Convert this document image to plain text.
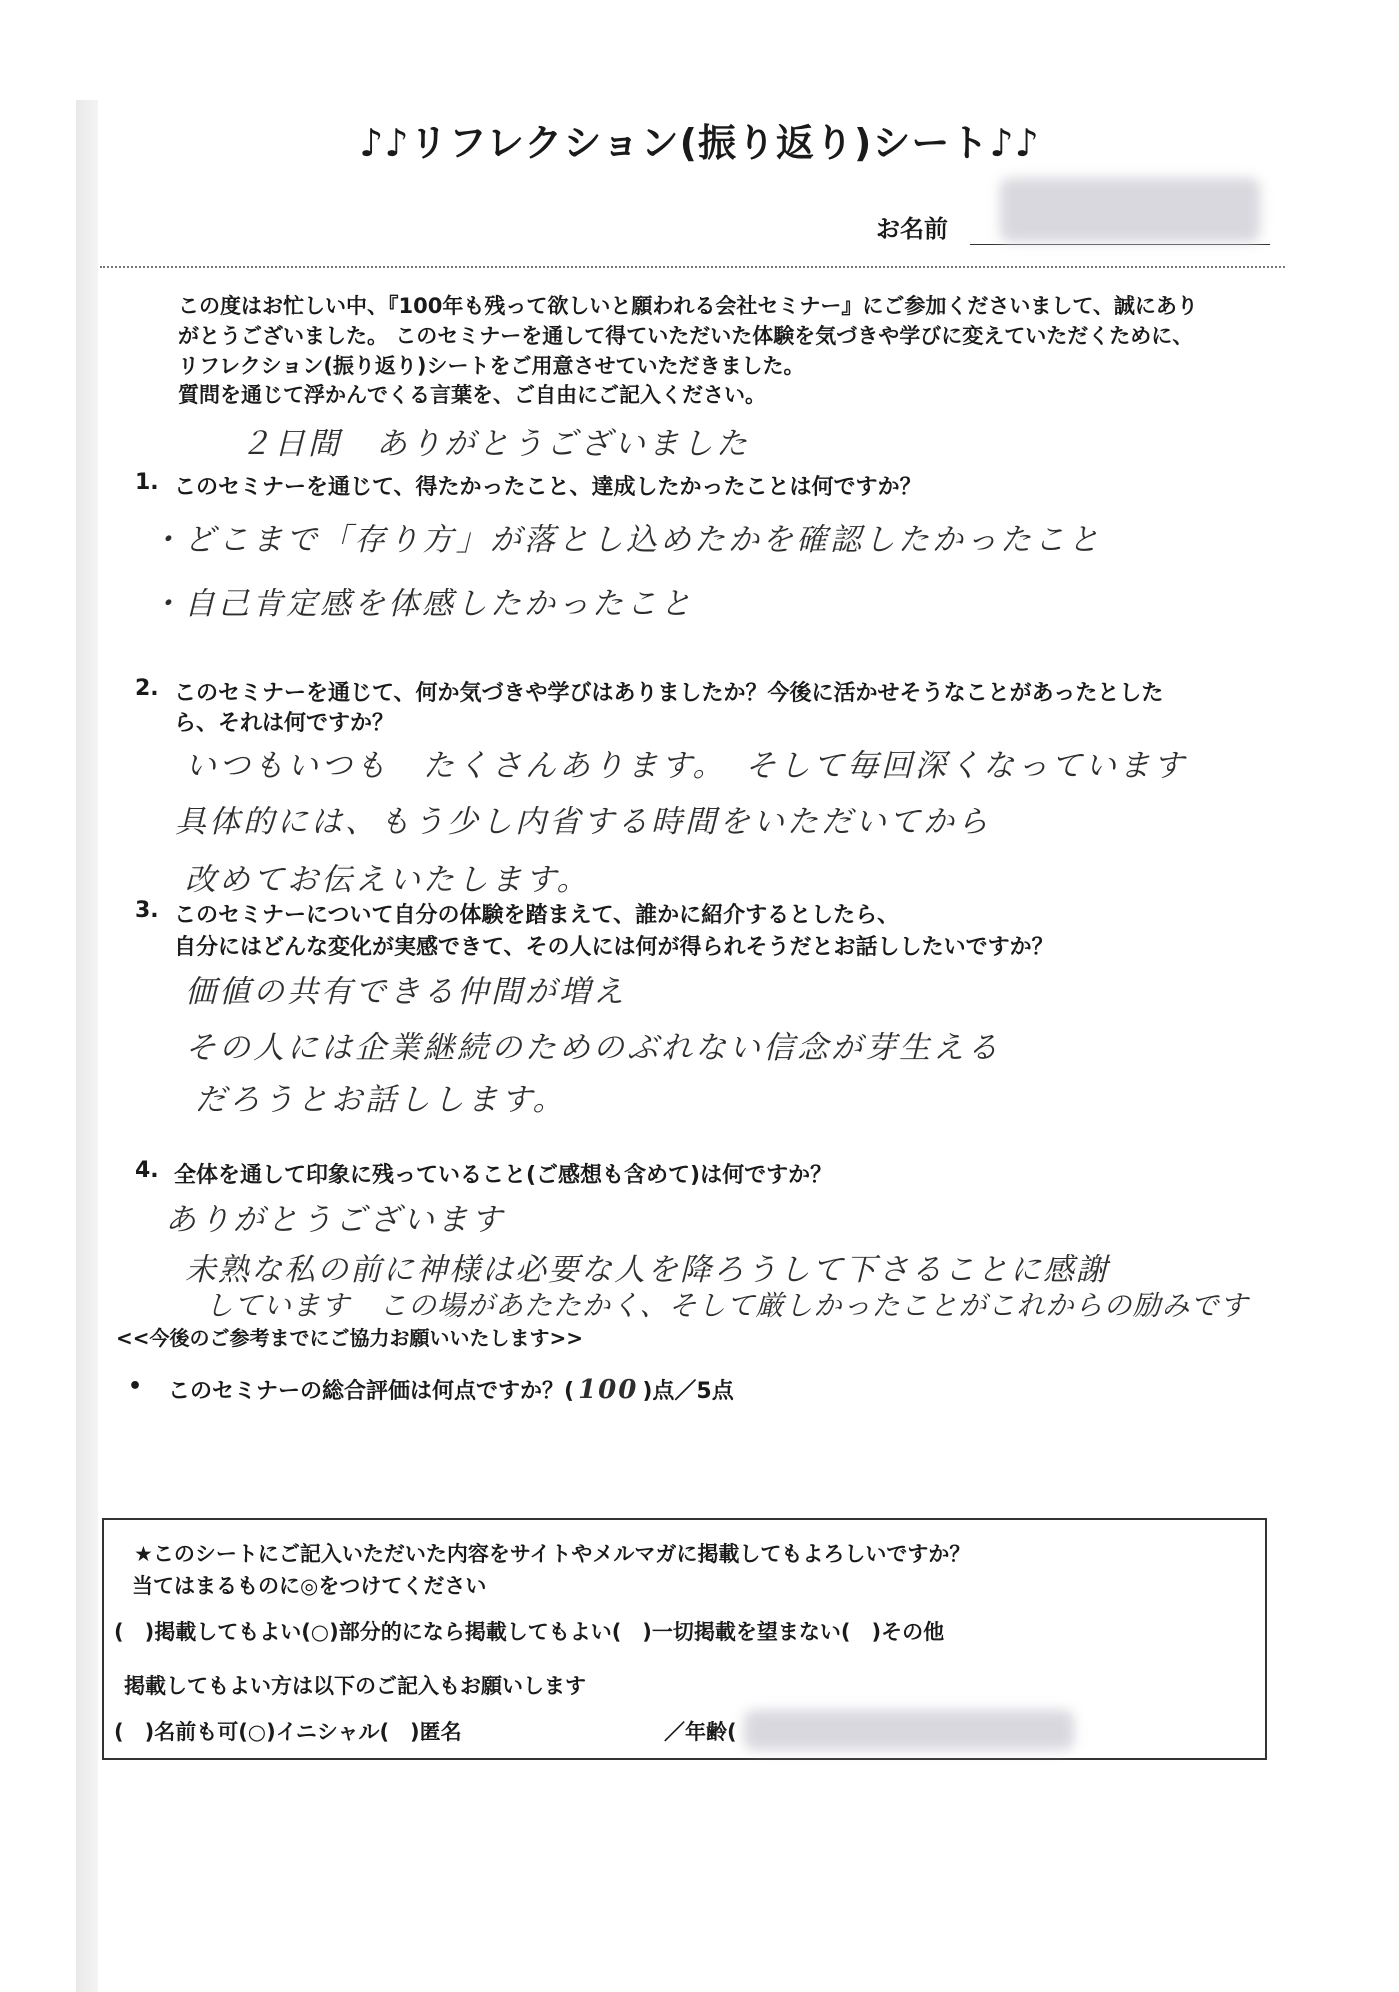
♪♪リフレクション(振り返り)シート♪♪
お名前
この度はお忙しい中、『100年も残って欲しいと願われる会社セミナー』にご参加くださいまして、誠にあり
がとうございました。 このセミナーを通して得ていただいた体験を気づきや学びに変えていただくために、
リフレクション(振り返り)シートをご用意させていただきました。
質問を通じて浮かんでくる言葉を、ご自由にご記入ください。
２日間　ありがとうございました
1. このセミナーを通じて、得たかったこと、達成したかったことは何ですか？
・どこまで「存り方」が落とし込めたかを確認したかったこと
・自己肯定感を体感したかったこと
2. このセミナーを通じて、何か気づきや学びはありましたか？今後に活かせそうなことがあったとした
ら、それは何ですか？
いつもいつも　たくさんあります。　そして毎回深くなっています
具体的には、もう少し内省する時間をいただいてから
改めてお伝えいたします。
3. このセミナーについて自分の体験を踏まえて、誰かに紹介するとしたら、
自分にはどんな変化が実感できて、その人には何が得られそうだとお話ししたいですか？
価値の共有できる仲間が増え
その人には企業継続のためのぶれない信念が芽生える
だろうとお話しします。
4. 全体を通して印象に残っていること(ご感想も含めて)は何ですか？
ありがとうございます
未熟な私の前に神様は必要な人を降ろうして下さることに感謝
しています　この場があたたかく、そして厳しかったことがこれからの励みです
<<今後のご参考までにご協力お願いいたします>>
• このセミナーの総合評価は何点ですか？( 100 )点／5点
★このシートにご記入いただいた内容をサイトやメルマガに掲載してもよろしいですか？
当てはまるものに◎をつけてください
(　)掲載してもよい(○)部分的になら掲載してもよい(　)一切掲載を望まない(　)その他
掲載してもよい方は以下のご記入もお願いします
(　)名前も可(○)イニシャル(　)匿名	／年齢(
